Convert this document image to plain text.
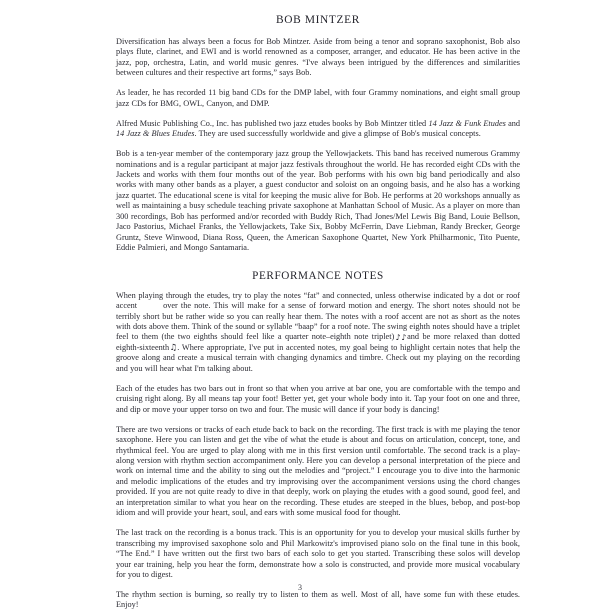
BOB MINTZER

Diversification has always been a focus for Bob Mintzer. Aside from being a tenor and soprano saxophonist, Bob also plays flute, clarinet, and EWI and is world renowned as a composer, arranger, and educator. He has been active in the jazz, pop, orchestra, Latin, and world music genres. “I've always been intrigued by the differences and similarities between cultures and their respective art forms,” says Bob.

As leader, he has recorded 11 big band CDs for the DMP label, with four Grammy nominations, and eight small group jazz CDs for BMG, OWL, Canyon, and DMP.

Alfred Music Publishing Co., Inc. has published two jazz etudes books by Bob Mintzer titled 14 Jazz & Funk Etudes and 14 Jazz & Blues Etudes. They are used successfully worldwide and give a glimpse of Bob's musical concepts.

Bob is a ten-year member of the contemporary jazz group the Yellowjackets. This band has received numerous Grammy nominations and is a regular participant at major jazz festivals throughout the world. He has recorded eight CDs with the Jackets and works with them four months out of the year. Bob performs with his own big band periodically and also works with many other bands as a player, a guest conductor and soloist on an ongoing basis, and he also has a working jazz quartet. The educational scene is vital for keeping the music alive for Bob. He performs at 20 workshops annually as well as maintaining a busy schedule teaching private saxophone at Manhattan School of Music. As a player on more than 300 recordings, Bob has performed and/or recorded with Buddy Rich, Thad Jones/Mel Lewis Big Band, Louie Bellson, Jaco Pastorius, Michael Franks, the Yellowjackets, Take Six, Bobby McFerrin, Dave Liebman, Randy Brecker, George Gruntz, Steve Winwood, Diana Ross, Queen, the American Saxophone Quartet, New York Philharmonic, Tito Puente, Eddie Palmieri, and Mongo Santamaria.

PERFORMANCE NOTES

When playing through the etudes, try to play the notes “fat” and connected, unless otherwise indicated by a dot or roof accent	over the note. This will make for a sense of forward motion and energy. The short notes should not be terribly short but be rather wide so you can really hear them. The notes with a roof accent are not as short as the notes with dots above them. Think of the sound or syllable “baap” for a roof note. The swing eighth notes should have a triplet feel to them (the two eighths should feel like a quarter note–eighth note triplet)♪♪and be more relaxed than dotted eighth-sixteenth♫. Where appropriate, I've put in accented notes, my goal being to highlight certain notes that help the groove along and create a musical terrain with changing dynamics and timbre. Check out my playing on the recording and you will hear what I'm talking about.

Each of the etudes has two bars out in front so that when you arrive at bar one, you are comfortable with the tempo and cruising right along. By all means tap your foot! Better yet, get your whole body into it. Tap your foot on one and three, and dip or move your upper torso on two and four. The music will dance if your body is dancing!

There are two versions or tracks of each etude back to back on the recording. The first track is with me playing the tenor saxophone. Here you can listen and get the vibe of what the etude is about and focus on articulation, concept, tone, and rhythmical feel. You are urged to play along with me in this first version until comfortable. The second track is a play-along version with rhythm section accompaniment only. Here you can develop a personal interpretation of the piece and work on internal time and the ability to sing out the melodies and “project.” I encourage you to dive into the harmonic and melodic implications of the etudes and try improvising over the accompaniment versions using the chord changes provided. If you are not quite ready to dive in that deeply, work on playing the etudes with a good sound, good feel, and an interpretation similar to what you hear on the recording. These etudes are steeped in the blues, bebop, and post-bop idiom and will provide your heart, soul, and ears with some musical food for thought.

The last track on the recording is a bonus track. This is an opportunity for you to develop your musical skills further by transcribing my improvised saxophone solo and Phil Markowitz's improvised piano solo on the final tune in this book, “The End.” I have written out the first two bars of each solo to get you started. Transcribing these solos will develop your ear training, help you hear the form, demonstrate how a solo is constructed, and provide more musical vocabulary for you to digest.

The rhythm section is burning, so really try to listen to them as well. Most of all, have some fun with these etudes. Enjoy!

3
